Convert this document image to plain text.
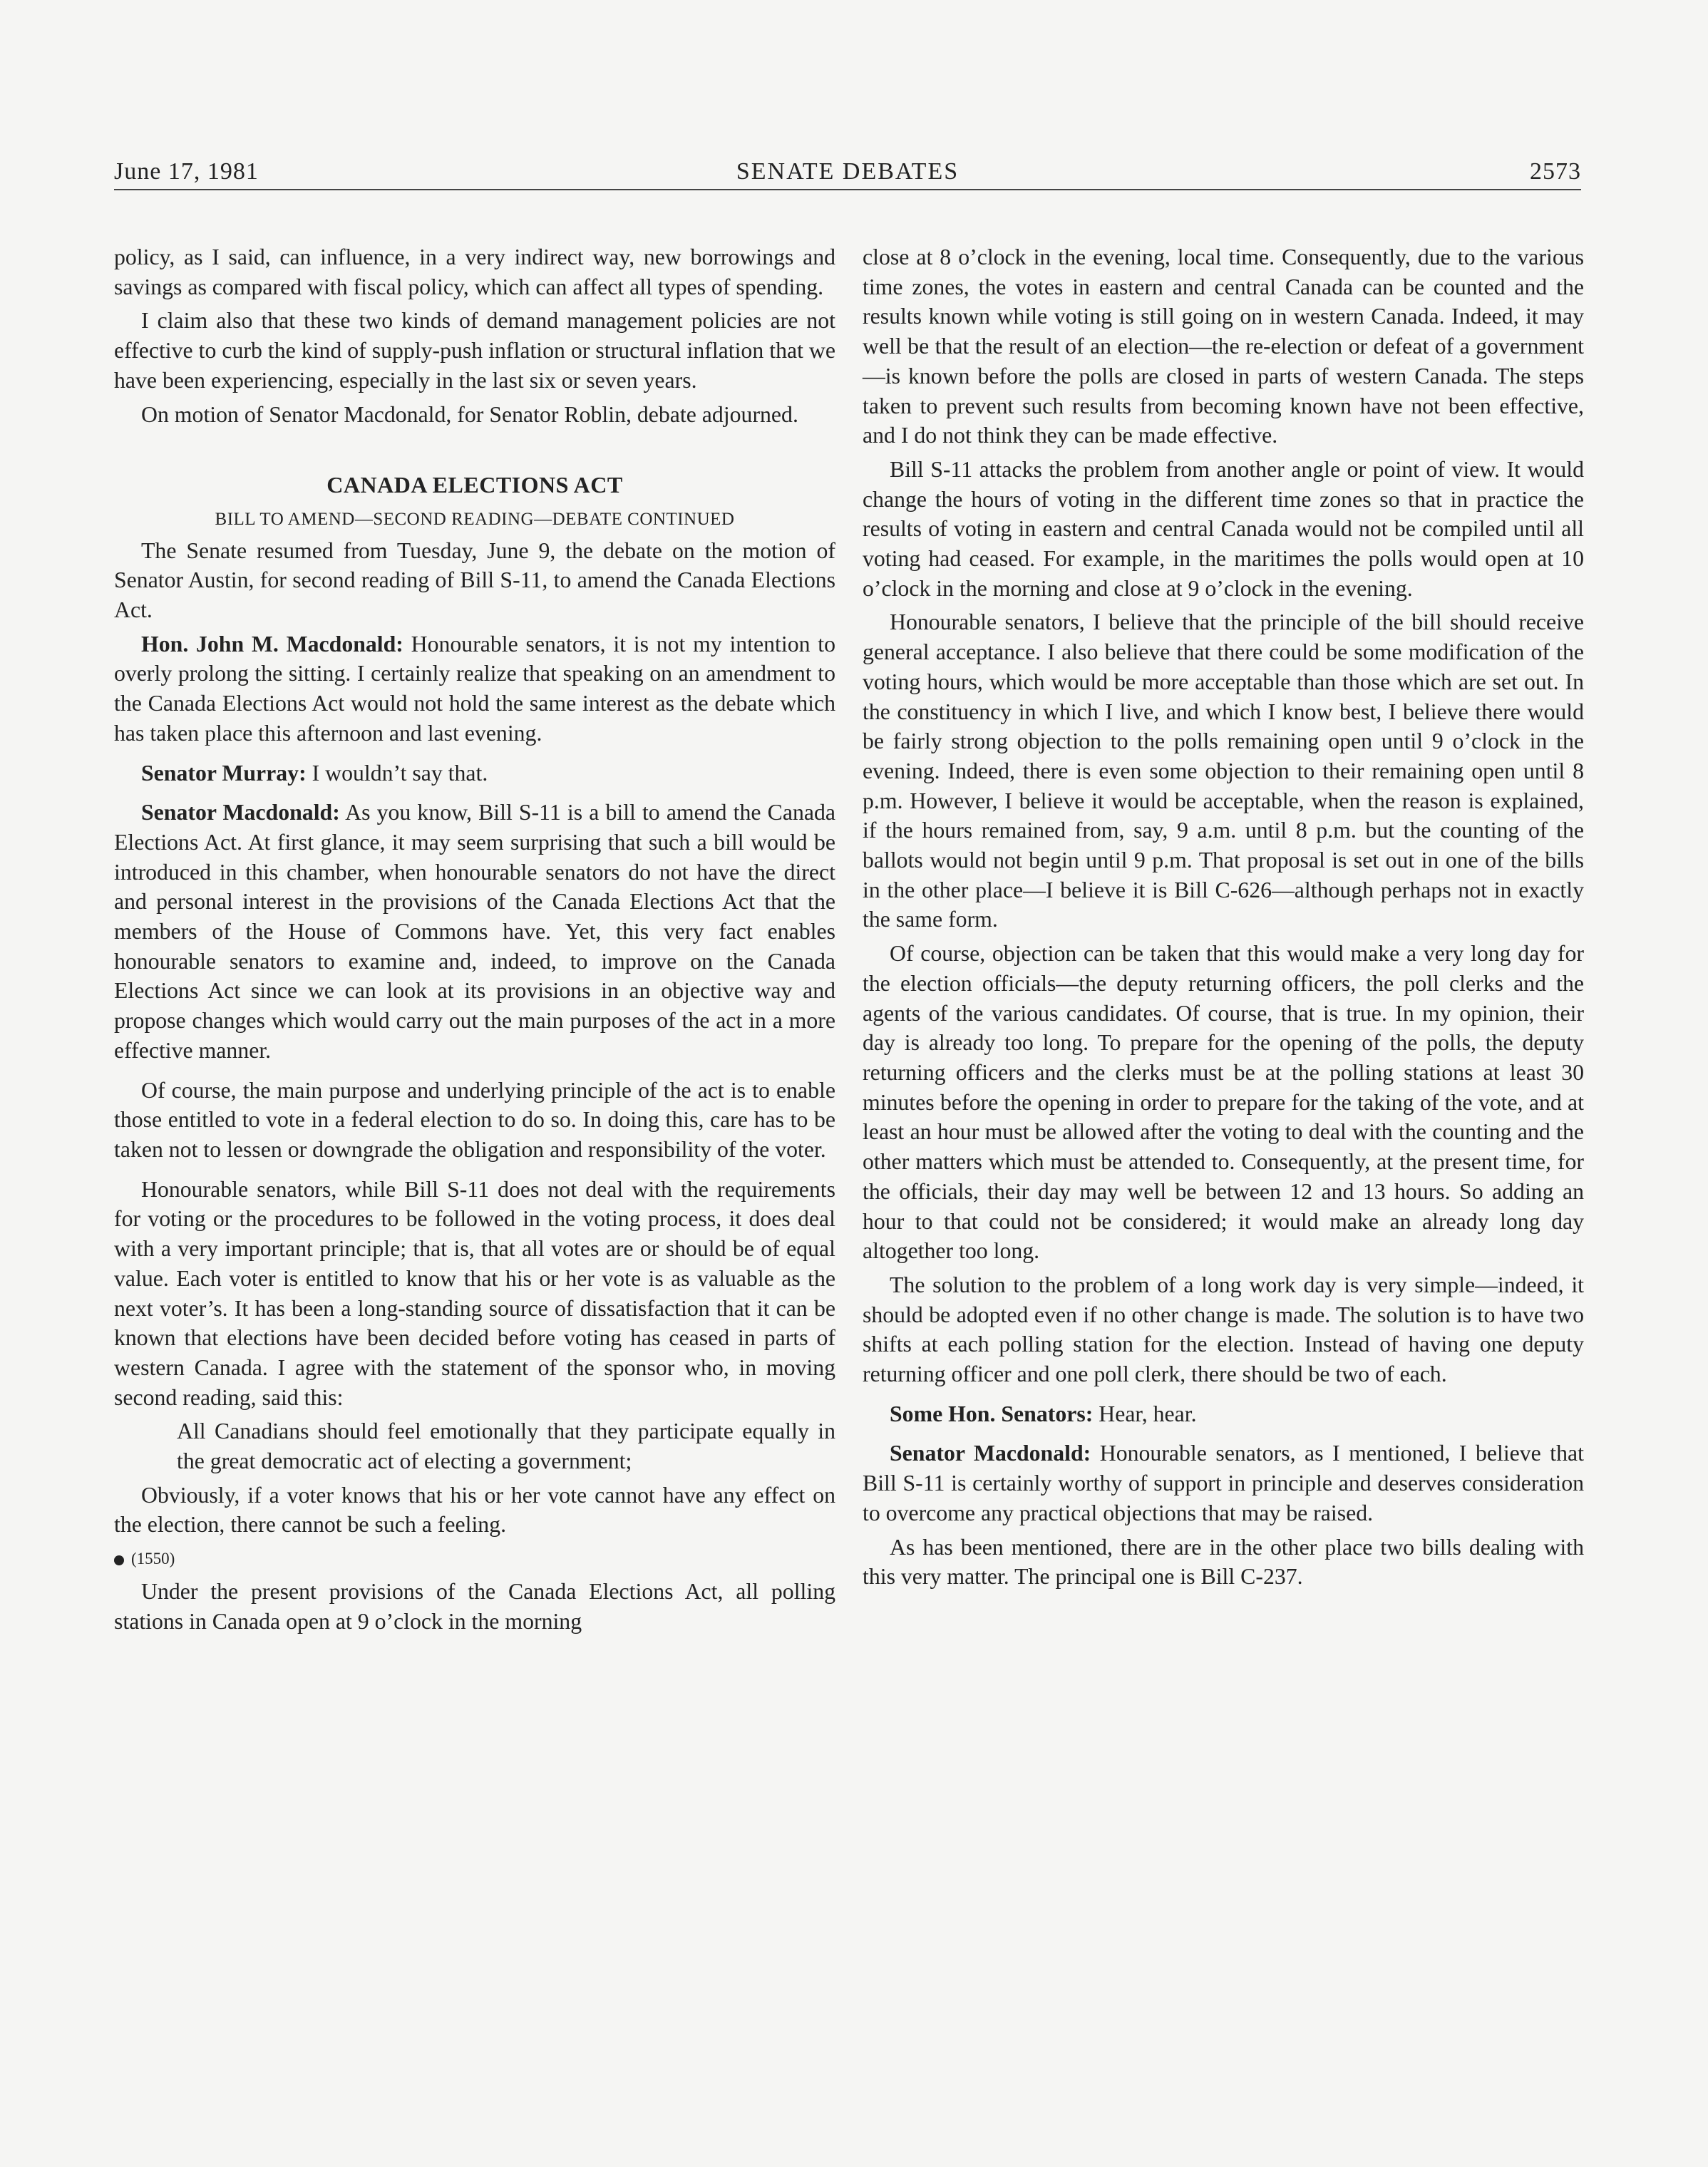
June 17, 1981	SENATE DEBATES	2573

policy, as I said, can influence, in a very indirect way, new borrowings and savings as compared with fiscal policy, which can affect all types of spending.

I claim also that these two kinds of demand management policies are not effective to curb the kind of supply-push inflation or structural inflation that we have been experiencing, especially in the last six or seven years.

On motion of Senator Macdonald, for Senator Roblin, debate adjourned.

CANADA ELECTIONS ACT
BILL TO AMEND—SECOND READING—DEBATE CONTINUED

The Senate resumed from Tuesday, June 9, the debate on the motion of Senator Austin, for second reading of Bill S-11, to amend the Canada Elections Act.

Hon. John M. Macdonald: Honourable senators, it is not my intention to overly prolong the sitting. I certainly realize that speaking on an amendment to the Canada Elections Act would not hold the same interest as the debate which has taken place this afternoon and last evening.

Senator Murray: I wouldn’t say that.

Senator Macdonald: As you know, Bill S-11 is a bill to amend the Canada Elections Act. At first glance, it may seem surprising that such a bill would be introduced in this chamber, when honourable senators do not have the direct and personal interest in the provisions of the Canada Elections Act that the members of the House of Commons have. Yet, this very fact enables honourable senators to examine and, indeed, to improve on the Canada Elections Act since we can look at its provisions in an objective way and propose changes which would carry out the main purposes of the act in a more effective manner.

Of course, the main purpose and underlying principle of the act is to enable those entitled to vote in a federal election to do so. In doing this, care has to be taken not to lessen or downgrade the obligation and responsibility of the voter.

Honourable senators, while Bill S-11 does not deal with the requirements for voting or the procedures to be followed in the voting process, it does deal with a very important principle; that is, that all votes are or should be of equal value. Each voter is entitled to know that his or her vote is as valuable as the next voter’s. It has been a long-standing source of dissatisfaction that it can be known that elections have been decided before voting has ceased in parts of western Canada. I agree with the statement of the sponsor who, in moving second reading, said this:

All Canadians should feel emotionally that they participate equally in the great democratic act of electing a government;

Obviously, if a voter knows that his or her vote cannot have any effect on the election, there cannot be such a feeling.

(1550)

Under the present provisions of the Canada Elections Act, all polling stations in Canada open at 9 o’clock in the morning

close at 8 o’clock in the evening, local time. Consequently, due to the various time zones, the votes in eastern and central Canada can be counted and the results known while voting is still going on in western Canada. Indeed, it may well be that the result of an election—the re-election or defeat of a government—is known before the polls are closed in parts of western Canada. The steps taken to prevent such results from becoming known have not been effective, and I do not think they can be made effective.

Bill S-11 attacks the problem from another angle or point of view. It would change the hours of voting in the different time zones so that in practice the results of voting in eastern and central Canada would not be compiled until all voting had ceased. For example, in the maritimes the polls would open at 10 o’clock in the morning and close at 9 o’clock in the evening.

Honourable senators, I believe that the principle of the bill should receive general acceptance. I also believe that there could be some modification of the voting hours, which would be more acceptable than those which are set out. In the constituency in which I live, and which I know best, I believe there would be fairly strong objection to the polls remaining open until 9 o’clock in the evening. Indeed, there is even some objection to their remaining open until 8 p.m. However, I believe it would be acceptable, when the reason is explained, if the hours remained from, say, 9 a.m. until 8 p.m. but the counting of the ballots would not begin until 9 p.m. That proposal is set out in one of the bills in the other place—I believe it is Bill C-626—although perhaps not in exactly the same form.

Of course, objection can be taken that this would make a very long day for the election officials—the deputy returning officers, the poll clerks and the agents of the various candidates. Of course, that is true. In my opinion, their day is already too long. To prepare for the opening of the polls, the deputy returning officers and the clerks must be at the polling stations at least 30 minutes before the opening in order to prepare for the taking of the vote, and at least an hour must be allowed after the voting to deal with the counting and the other matters which must be attended to. Consequently, at the present time, for the officials, their day may well be between 12 and 13 hours. So adding an hour to that could not be considered; it would make an already long day altogether too long.

The solution to the problem of a long work day is very simple—indeed, it should be adopted even if no other change is made. The solution is to have two shifts at each polling station for the election. Instead of having one deputy returning officer and one poll clerk, there should be two of each.

Some Hon. Senators: Hear, hear.

Senator Macdonald: Honourable senators, as I mentioned, I believe that Bill S-11 is certainly worthy of support in principle and deserves consideration to overcome any practical objections that may be raised.

As has been mentioned, there are in the other place two bills dealing with this very matter. The principal one is Bill C-237.
